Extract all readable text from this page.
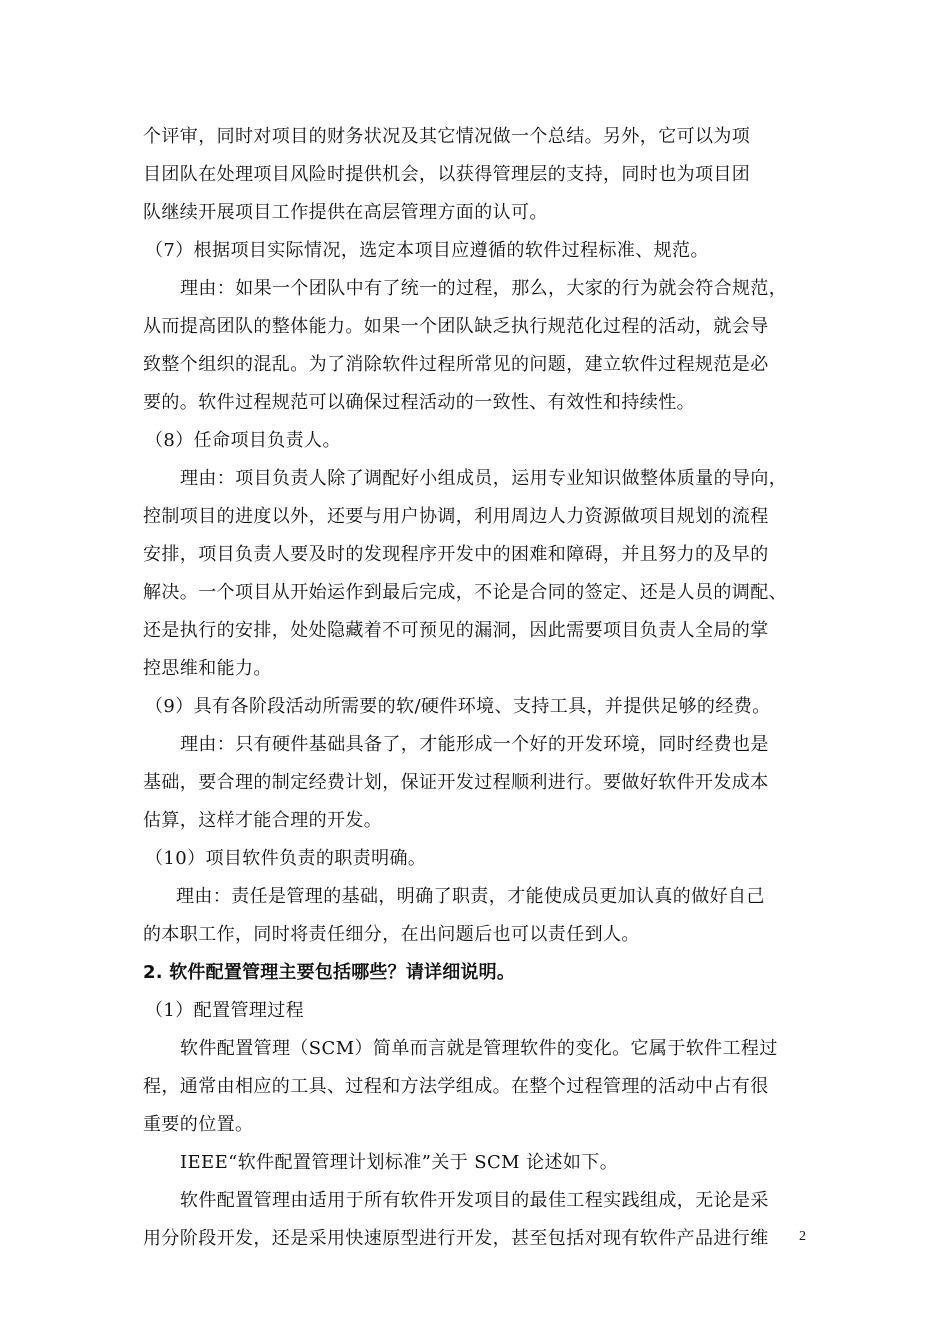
个评审，同时对项目的财务状况及其它情况做一个总结。另外，它可以为项
目团队在处理项目风险时提供机会，以获得管理层的支持，同时也为项目团
队继续开展项目工作提供在高层管理方面的认可。
（7）根据项目实际情况，选定本项目应遵循的软件过程标准、规范。
理由：如果一个团队中有了统一的过程，那么，大家的行为就会符合规范，
从而提高团队的整体能力。如果一个团队缺乏执行规范化过程的活动，就会导
致整个组织的混乱。为了消除软件过程所常见的问题，建立软件过程规范是必
要的。软件过程规范可以确保过程活动的一致性、有效性和持续性。
（8）任命项目负责人。
理由：项目负责人除了调配好小组成员，运用专业知识做整体质量的导向，
控制项目的进度以外，还要与用户协调，利用周边人力资源做项目规划的流程
安排，项目负责人要及时的发现程序开发中的困难和障碍，并且努力的及早的
解决。一个项目从开始运作到最后完成，不论是合同的签定、还是人员的调配、
还是执行的安排，处处隐藏着不可预见的漏洞，因此需要项目负责人全局的掌
控思维和能力。
（9）具有各阶段活动所需要的软/硬件环境、支持工具，并提供足够的经费。
理由：只有硬件基础具备了，才能形成一个好的开发环境，同时经费也是
基础，要合理的制定经费计划，保证开发过程顺利进行。要做好软件开发成本
估算，这样才能合理的开发。
（10）项目软件负责的职责明确。
理由：责任是管理的基础，明确了职责，才能使成员更加认真的做好自己
的本职工作，同时将责任细分，在出问题后也可以责任到人。
2. 软件配置管理主要包括哪些？请详细说明。
（1）配置管理过程
软件配置管理（SCM）简单而言就是管理软件的变化。它属于软件工程过
程，通常由相应的工具、过程和方法学组成。在整个过程管理的活动中占有很
重要的位置。
IEEE“软件配置管理计划标准”关于 SCM 论述如下。
软件配置管理由适用于所有软件开发项目的最佳工程实践组成，无论是采
用分阶段开发，还是采用快速原型进行开发，甚至包括对现有软件产品进行维 2
